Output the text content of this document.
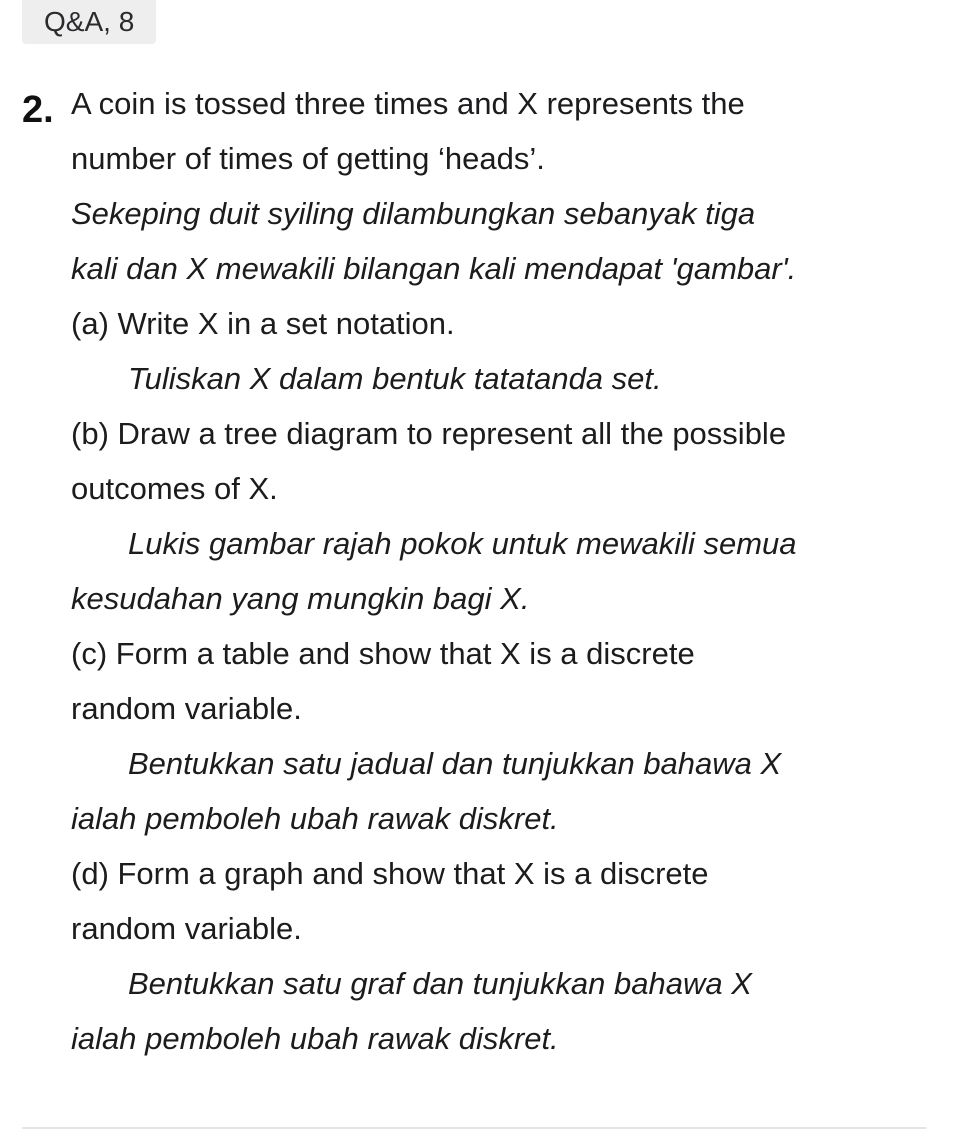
Q&A, 8
2. A coin is tossed three times and X represents the
number of times of getting ‘heads’.
Sekeping duit syiling dilambungkan sebanyak tiga
kali dan X mewakili bilangan kali mendapat 'gambar'.
(a) Write X in a set notation.
Tuliskan X dalam bentuk tatatanda set.
(b) Draw a tree diagram to represent all the possible
outcomes of X.
Lukis gambar rajah pokok untuk mewakili semua
kesudahan yang mungkin bagi X.
(c) Form a table and show that X is a discrete
random variable.
Bentukkan satu jadual dan tunjukkan bahawa X
ialah pemboleh ubah rawak diskret.
(d) Form a graph and show that X is a discrete
random variable.
Bentukkan satu graf dan tunjukkan bahawa X
ialah pemboleh ubah rawak diskret.
